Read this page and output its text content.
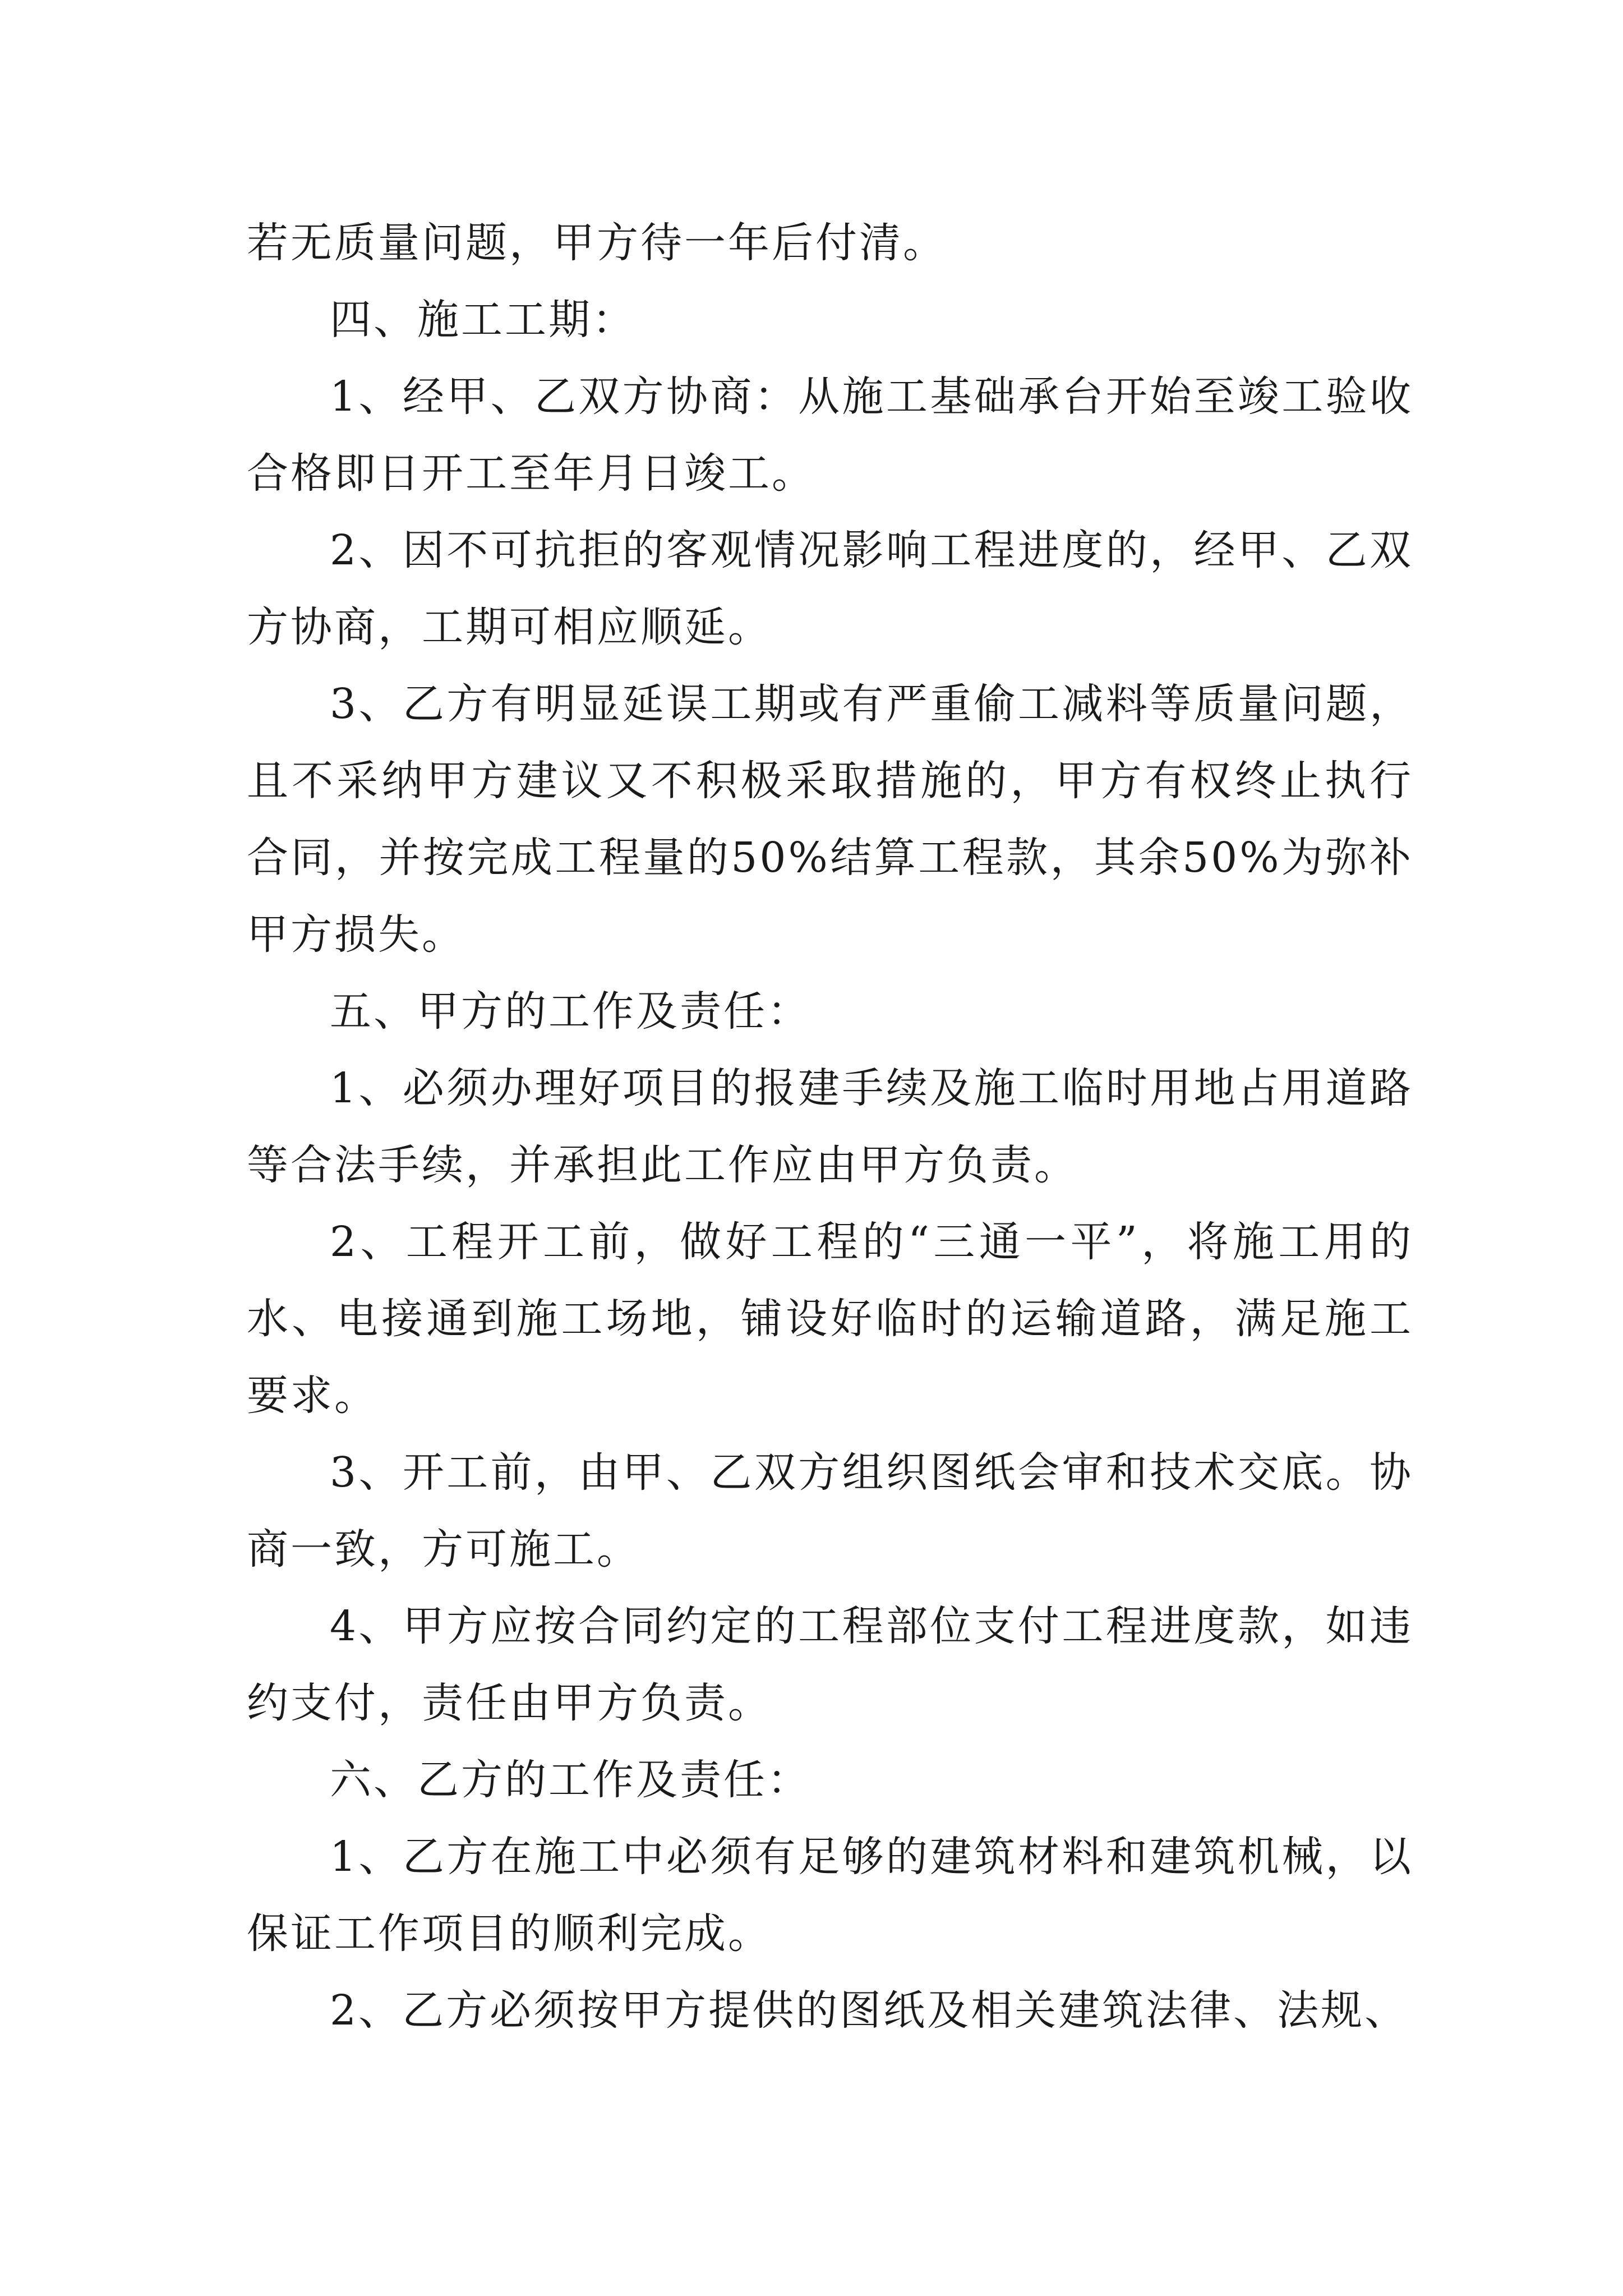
若无质量问题，甲方待一年后付清。

四、施工工期：

1、经甲、乙双方协商：从施工基础承台开始至竣工验收合格即日开工至年月日竣工。

2、因不可抗拒的客观情况影响工程进度的，经甲、乙双方协商，工期可相应顺延。

3、乙方有明显延误工期或有严重偷工减料等质量问题，且不采纳甲方建议又不积极采取措施的，甲方有权终止执行合同，并按完成工程量的50%结算工程款，其余50%为弥补甲方损失。

五、甲方的工作及责任：

1、必须办理好项目的报建手续及施工临时用地占用道路等合法手续，并承担此工作应由甲方负责。

2、工程开工前，做好工程的“三通一平”，将施工用的水、电接通到施工场地，铺设好临时的运输道路，满足施工要求。

3、开工前，由甲、乙双方组织图纸会审和技术交底。协商一致，方可施工。

4、甲方应按合同约定的工程部位支付工程进度款，如违约支付，责任由甲方负责。

六、乙方的工作及责任：

1、乙方在施工中必须有足够的建筑材料和建筑机械，以保证工作项目的顺利完成。

2、乙方必须按甲方提供的图纸及相关建筑法律、法规、
